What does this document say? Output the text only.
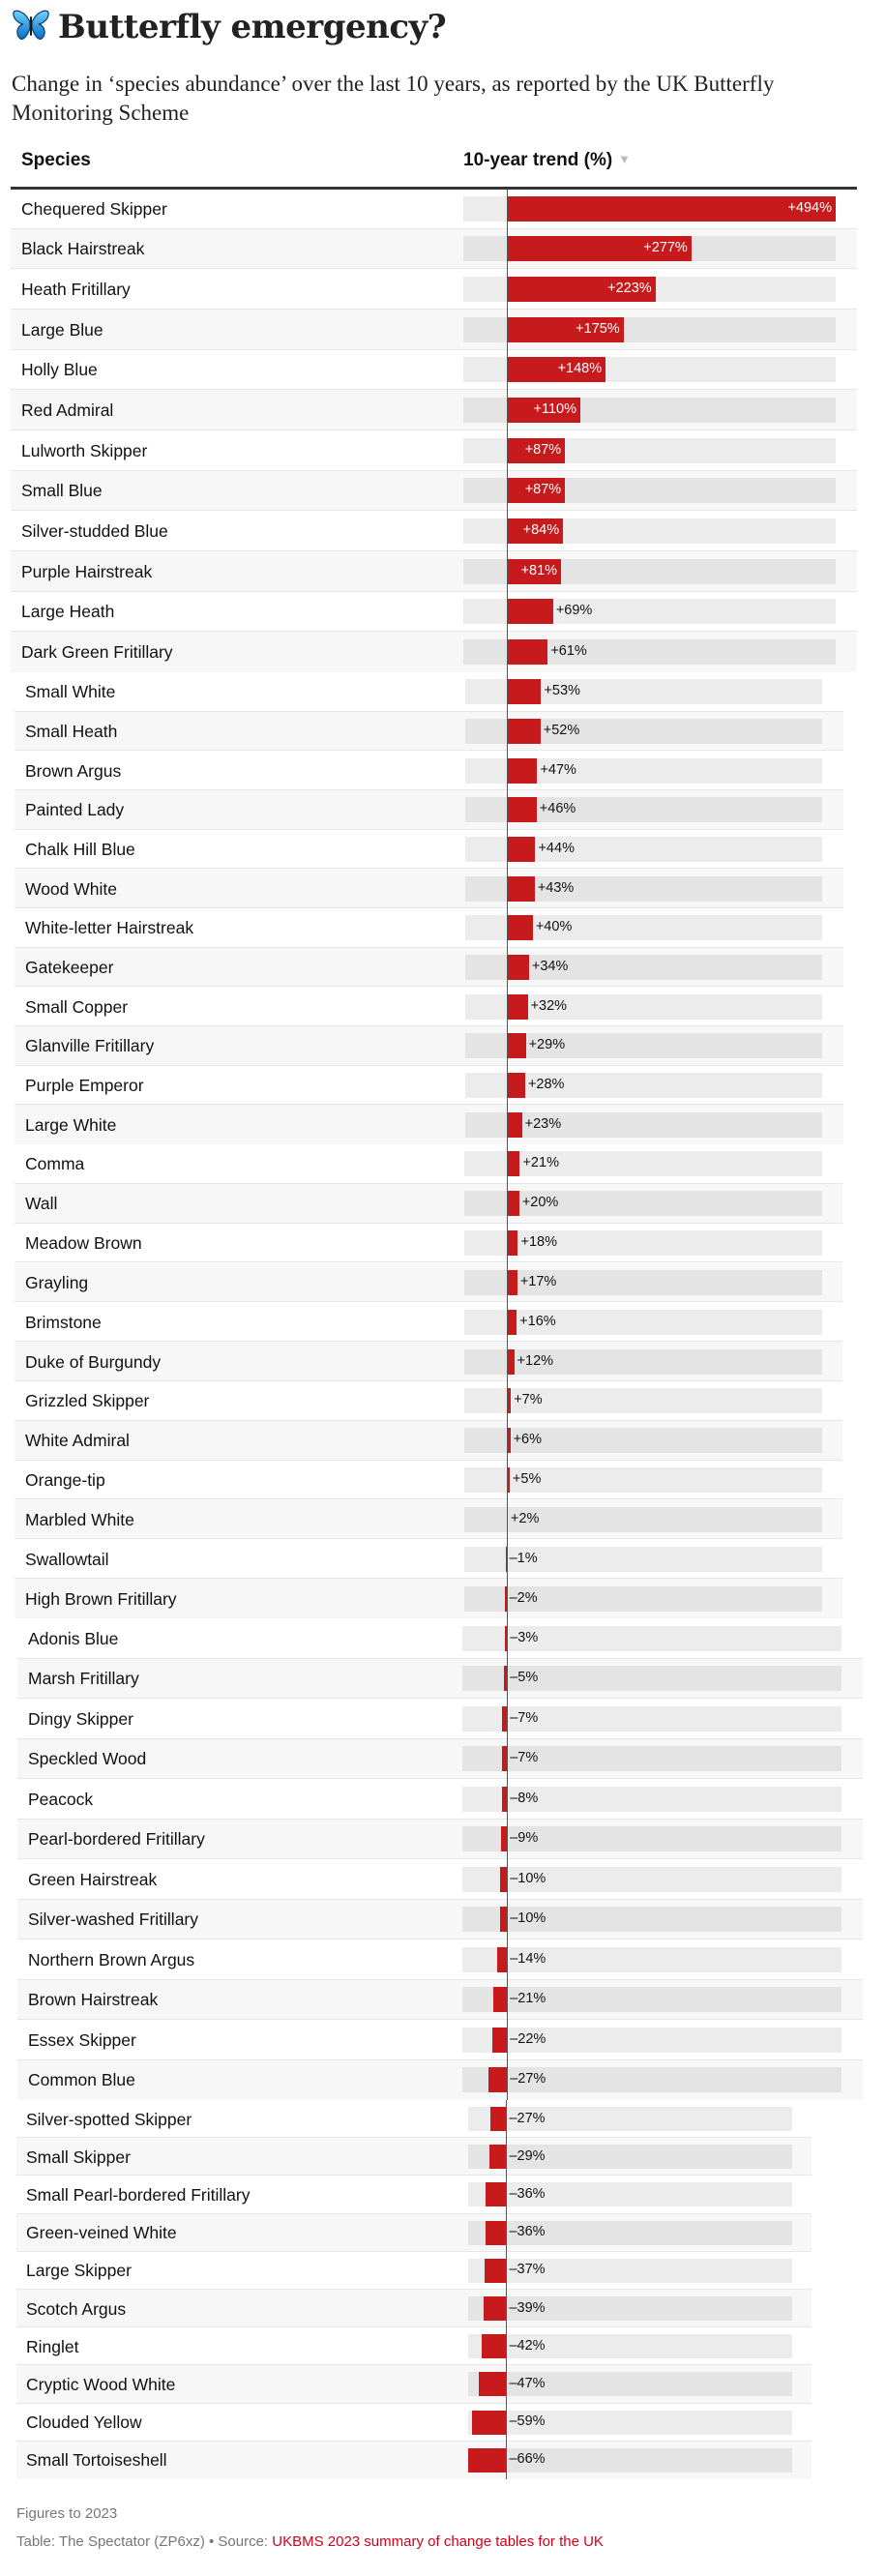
Butterfly emergency?
Change in ‘species abundance’ over the last 10 years, as reported by the UK Butterfly Monitoring Scheme
Species	10-year trend (%) ▼
Chequered Skipper	+494%
Black Hairstreak	+277%
Heath Fritillary	+223%
Large Blue	+175%
Holly Blue	+148%
Red Admiral	+110%
Lulworth Skipper	+87%
Small Blue	+87%
Silver-studded Blue	+84%
Purple Hairstreak	+81%
Large Heath	+69%
Dark Green Fritillary	+61%
Small White	+53%
Small Heath	+52%
Brown Argus	+47%
Painted Lady	+46%
Chalk Hill Blue	+44%
Wood White	+43%
White-letter Hairstreak	+40%
Gatekeeper	+34%
Small Copper	+32%
Glanville Fritillary	+29%
Purple Emperor	+28%
Large White	+23%
Comma	+21%
Wall	+20%
Meadow Brown	+18%
Grayling	+17%
Brimstone	+16%
Duke of Burgundy	+12%
Grizzled Skipper	+7%
White Admiral	+6%
Orange-tip	+5%
Marbled White	+2%
Swallowtail	–1%
High Brown Fritillary	–2%
Adonis Blue	–3%
Marsh Fritillary	–5%
Dingy Skipper	–7%
Speckled Wood	–7%
Peacock	–8%
Pearl-bordered Fritillary	–9%
Green Hairstreak	–10%
Silver-washed Fritillary	–10%
Northern Brown Argus	–14%
Brown Hairstreak	–21%
Essex Skipper	–22%
Common Blue	–27%
Silver-spotted Skipper	–27%
Small Skipper	–29%
Small Pearl-bordered Fritillary	–36%
Green-veined White	–36%
Large Skipper	–37%
Scotch Argus	–39%
Ringlet	–42%
Cryptic Wood White	–47%
Clouded Yellow	–59%
Small Tortoiseshell	–66%
Figures to 2023
Table: The Spectator (ZP6xz) • Source: UKBMS 2023 summary of change tables for the UK
